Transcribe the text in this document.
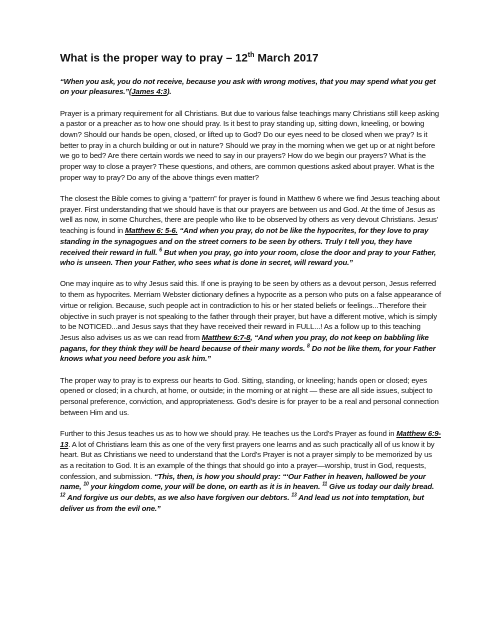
What is the proper way to pray – 12th March 2017

“When you ask, you do not receive, because you ask with wrong motives, that you may spend what you get on your pleasures.”(James 4:3).

Prayer is a primary requirement for all Christians. But due to various false teachings many Christians still keep asking a pastor or a preacher as to how one should pray. Is it best to pray standing up, sitting down, kneeling, or bowing down? Should our hands be open, closed, or lifted up to God? Do our eyes need to be closed when we pray? Is it better to pray in a church building or out in nature? Should we pray in the morning when we get up or at night before we go to bed? Are there certain words we need to say in our prayers? How do we begin our prayers? What is the proper way to close a prayer? These questions, and others, are common questions asked about prayer. What is the proper way to pray? Do any of the above things even matter?

The closest the Bible comes to giving a “pattern” for prayer is found in Matthew 6 where we find Jesus teaching about prayer. First understanding that we should have is that our prayers are between us and God. At the time of Jesus as well as now, in some Churches, there are people who like to be observed by others as very devout Christians. Jesus’ teaching is found in Matthew 6: 5-6. “And when you pray, do not be like the hypocrites, for they love to pray standing in the synagogues and on the street corners to be seen by others. Truly I tell you, they have received their reward in full. $^6$ But when you pray, go into your room, close the door and pray to your Father, who is unseen. Then your Father, who sees what is done in secret, will reward you.”

One may inquire as to why Jesus said this. If one is praying to be seen by others as a devout person, Jesus referred to them as hypocrites. Merriam Webster dictionary defines a hypocrite as a person who puts on a false appearance of virtue or religion. Because, such people act in contradiction to his or her stated beliefs or feelings...Therefore their objective in such prayer is not speaking to the father through their prayer, but have a different motive, which is simply to be NOTICED...and Jesus says that they have received their reward in FULL...! As a follow up to this teaching Jesus also advises us as we can read from Matthew 6:7-8, “And when you pray, do not keep on babbling like pagans, for they think they will be heard because of their many words. $^8$ Do not be like them, for your Father knows what you need before you ask him.”

The proper way to pray is to express our hearts to God. Sitting, standing, or kneeling; hands open or closed; eyes opened or closed; in a church, at home, or outside; in the morning or at night — these are all side issues, subject to personal preference, conviction, and appropriateness. God’s desire is for prayer to be a real and personal connection between Him and us.

Further to this Jesus teaches us as to how we should pray. He teaches us the Lord’s Prayer as found in Matthew 6:9-13. A lot of Christians learn this as one of the very first prayers one learns and as such practically all of us know it by heart. But as Christians we need to understand that the Lord’s Prayer is not a prayer simply to be memorized by us as a recitation to God. It is an example of the things that should go into a prayer—worship, trust in God, requests, confession, and submission. “This, then, is how you should pray: “‘Our Father in heaven, hallowed be your name, $^{10}$ your kingdom come, your will be done, on earth as it is in heaven. $^{11}$ Give us today our daily bread. $^{12}$ And forgive us our debts, as we also have forgiven our debtors. $^{13}$ And lead us not into temptation, but deliver us from the evil one.”
